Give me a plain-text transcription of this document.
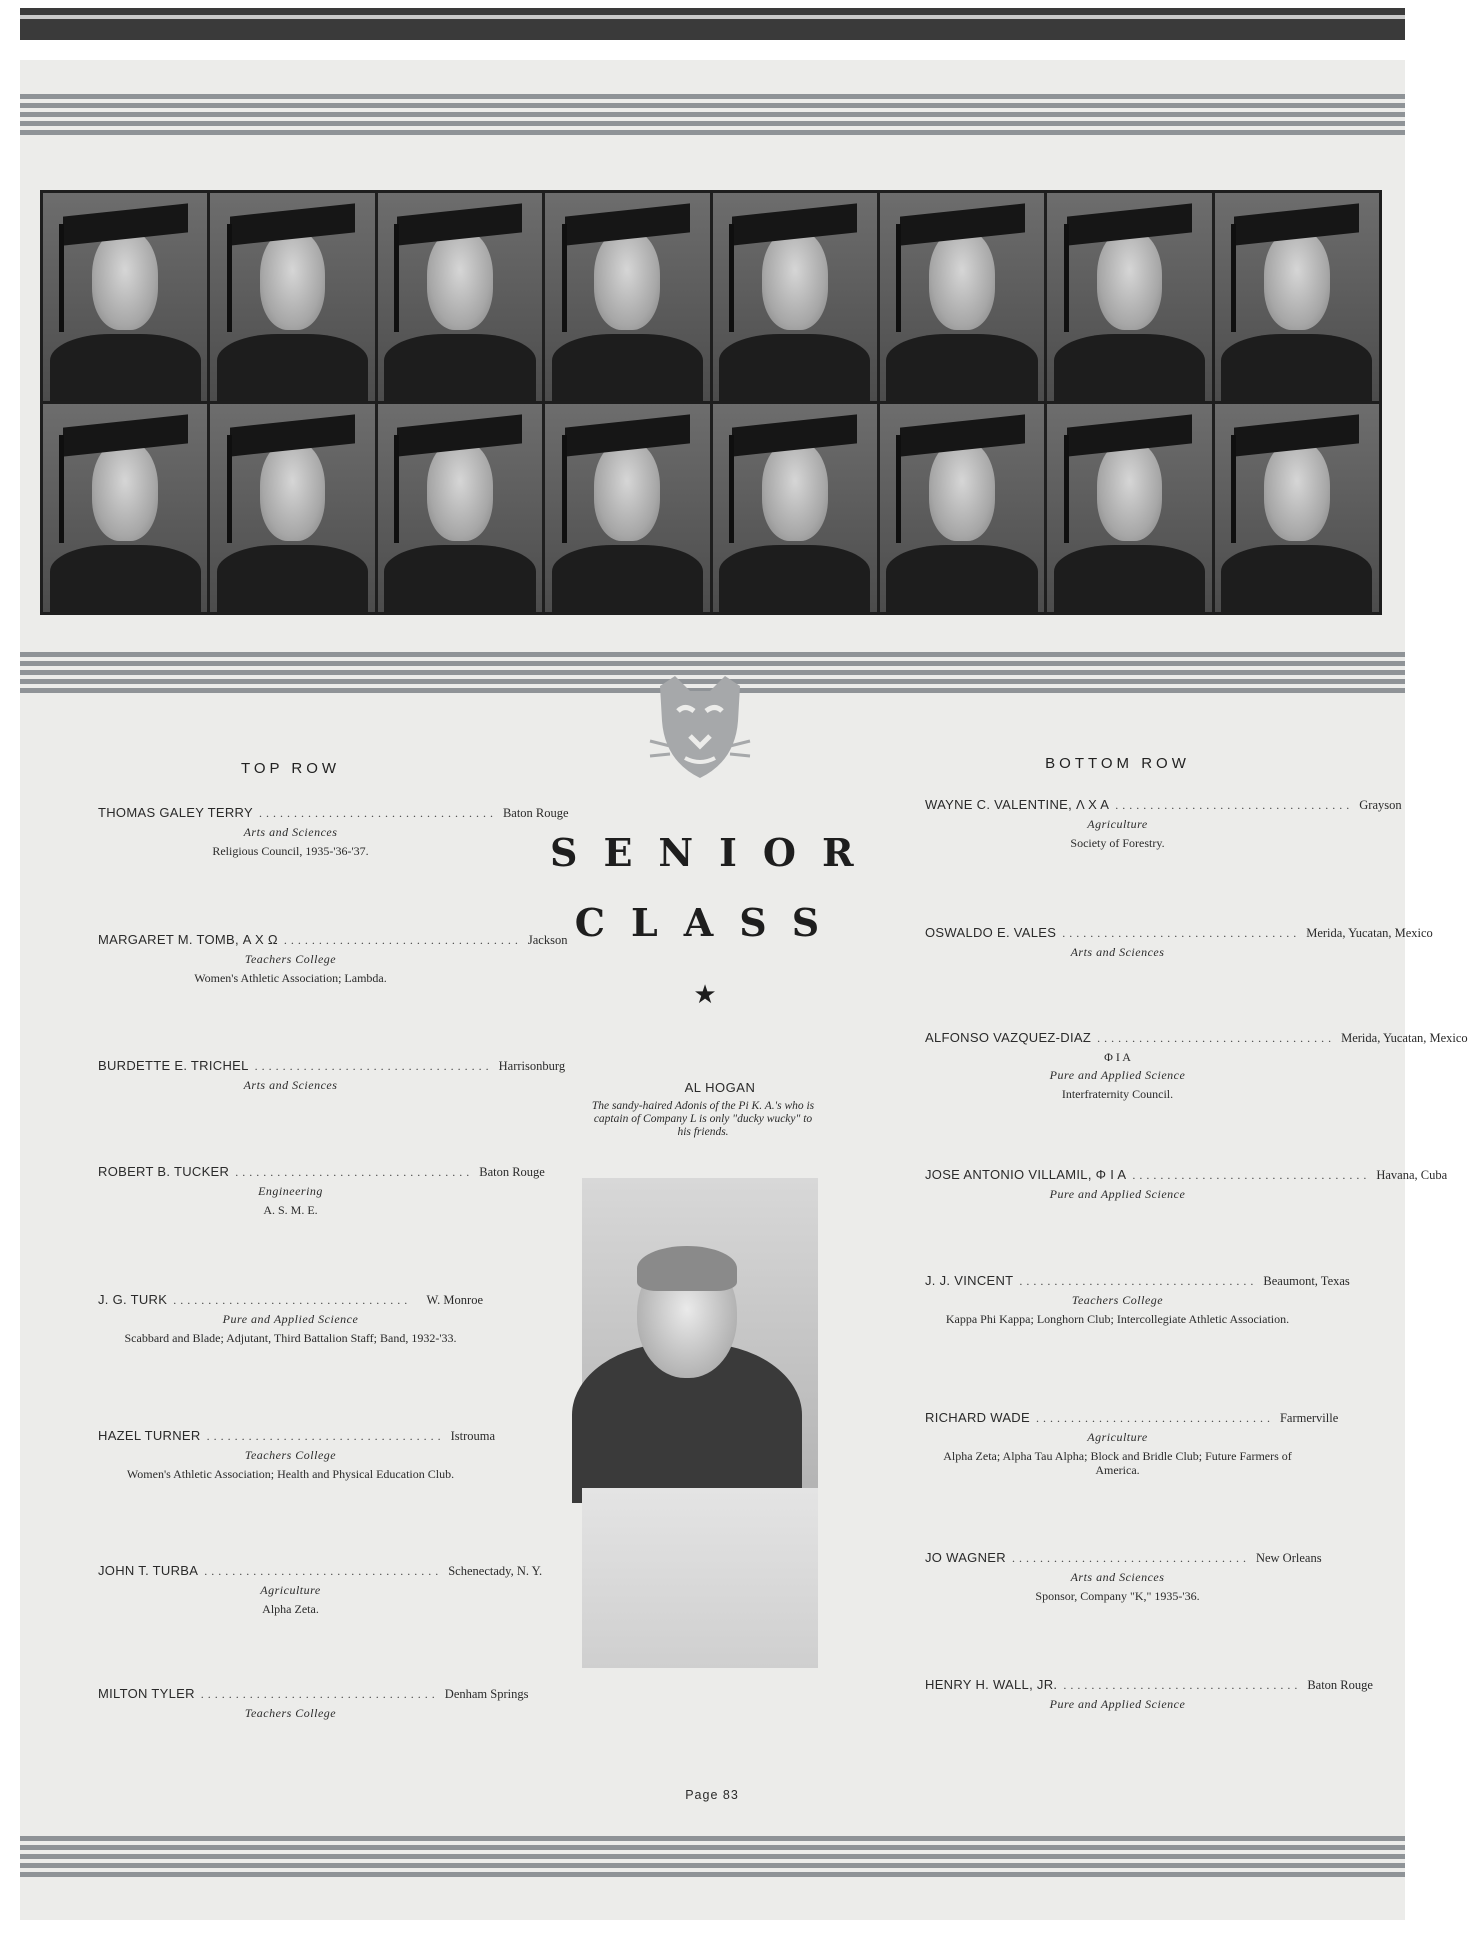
TOP ROW
THOMAS GALEY TERRY .................................. Baton Rouge
Arts and Sciences
Religious Council, 1935-'36-'37.
MARGARET M. TOMB, Α Χ Ω .................................. Jackson
Teachers College
Women's Athletic Association; Lambda.
BURDETTE E. TRICHEL .................................. Harrisonburg
Arts and Sciences
ROBERT B. TUCKER .................................. Baton Rouge
Engineering
A. S. M. E.
J. G. TURK ..................................	W. Monroe
Pure and Applied Science
Scabbard and Blade; Adjutant, Third Battalion Staff; Band, 1932-'33.
HAZEL TURNER .................................. Istrouma
Teachers College
Women's Athletic Association; Health and Physical Education Club.
JOHN T. TURBA .................................. Schenectady, N. Y.
Agriculture
Alpha Zeta.
MILTON TYLER .................................. Denham Springs
Teachers College
SENIOR
CLASS
★
AL HOGAN
The sandy-haired Adonis of the Pi K. A.'s who is captain of Company L is only "ducky wucky" to his friends.
BOTTOM ROW
WAYNE C. VALENTINE, Λ Χ Α .................................. Grayson
Agriculture
Society of Forestry.
OSWALDO E. VALES .................................. Merida, Yucatan, Mexico
Arts and Sciences
ALFONSO VAZQUEZ-DIAZ .................................. Merida, Yucatan, Mexico
Φ Ι Α
Pure and Applied Science
Interfraternity Council.
JOSE ANTONIO VILLAMIL, Φ Ι Α .................................. Havana, Cuba
Pure and Applied Science
J. J. VINCENT .................................. Beaumont, Texas
Teachers College
Kappa Phi Kappa; Longhorn Club; Intercollegiate Athletic Association.
RICHARD WADE .................................. Farmerville
Agriculture
Alpha Zeta; Alpha Tau Alpha; Block and Bridle Club; Future Farmers of America.
JO WAGNER .................................. New Orleans
Arts and Sciences
Sponsor, Company "K," 1935-'36.
HENRY H. WALL, JR. .................................. Baton Rouge
Pure and Applied Science
Page 83
